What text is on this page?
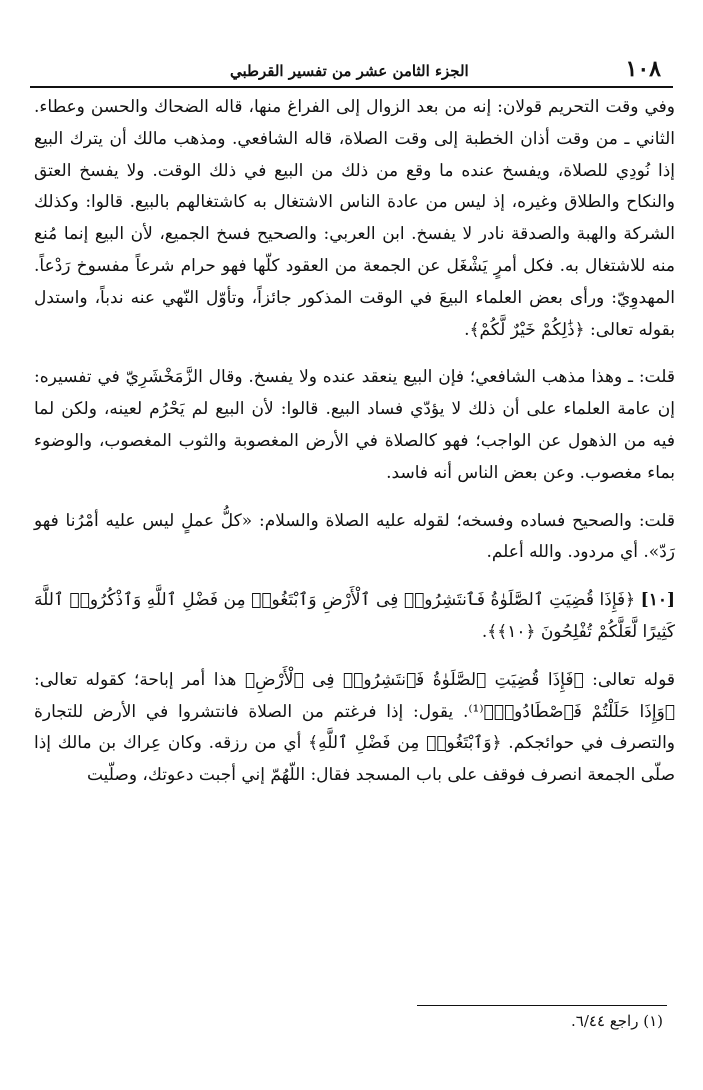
١٠٨
الجزء الثامن عشر من تفسير القرطبي

وفي وقت التحريم قولان: إنه من بعد الزوال إلى الفراغ منها، قاله الضحاك والحسن وعطاء. الثاني ـ من وقت أذان الخطبة إلى وقت الصلاة، قاله الشافعي. ومذهب مالك أن يترك البيع إذا نُودِي للصلاة، ويفسخ عنده ما وقع من ذلك من البيع في ذلك الوقت. ولا يفسخ العتق والنكاح والطلاق وغيره، إذ ليس من عادة الناس الاشتغال به كاشتغالهم بالبيع. قالوا: وكذلك الشركة والهبة والصدقة نادر لا يفسخ. ابن العربي: والصحيح فسخ الجميع، لأن البيع إنما مُنع منه للاشتغال به. فكل أمرٍ يَشْغَل عن الجمعة من العقود كلّها فهو حرام شرعاً مفسوخ رَدْعاً. المهدوِيّ: ورأى بعض العلماء البيعَ في الوقت المذكور جائزاً، وتأوّل النّهي عنه ندباً، واستدل بقوله تعالى: ﴿ذَٰلِكُمْ خَيْرٌ لَّكُمْ﴾.

قلت: ـ وهذا مذهب الشافعي؛ فإن البيع ينعقد عنده ولا يفسخ. وقال الزَّمَخْشَرِيّ في تفسيره: إن عامة العلماء على أن ذلك لا يؤدّي فساد البيع. قالوا: لأن البيع لم يَحْرُم لعينه، ولكن لما فيه من الذهول عن الواجب؛ فهو كالصلاة في الأرض المغصوبة والثوب المغصوب، والوضوء بماء مغصوب. وعن بعض الناس أنه فاسد.

قلت: والصحيح فساده وفسخه؛ لقوله عليه الصلاة والسلام: «كلُّ عملٍ ليس عليه أمْرُنا فهو رَدّ». أي مردود. والله أعلم.

[١٠] ﴿فَإِذَا قُضِيَتِ ٱلصَّلَوٰةُ فَٱنتَشِرُوا۟ فِى ٱلْأَرْضِ وَٱبْتَغُوا۟ مِن فَضْلِ ٱللَّهِ وَٱذْكُرُوا۟ ٱللَّهَ كَثِيرًا لَّعَلَّكُمْ تُفْلِحُونَ ﴿١٠﴾﴾.

قوله تعالى: ﴿فَإِذَا قُضِيَتِ ٱلصَّلَوٰةُ فَٱنتَشِرُوا۟ فِى ٱلْأَرْضِ﴾ هذا أمر إباحة؛ كقوله تعالى: ﴿وَإِذَا حَلَلْتُمْ فَٱصْطَادُوا۟﴾⁽¹⁾. يقول: إذا فرغتم من الصلاة فانتشروا في الأرض للتجارة والتصرف في حوائجكم. ﴿وَٱبْتَغُوا۟ مِن فَضْلِ ٱللَّهِ﴾ أي من رزقه. وكان عِراك بن مالك إذا صلّى الجمعة انصرف فوقف على باب المسجد فقال: اللّهُمّ إني أجبت دعوتك، وصلّيت

(١) راجع ٦/٤٤.
